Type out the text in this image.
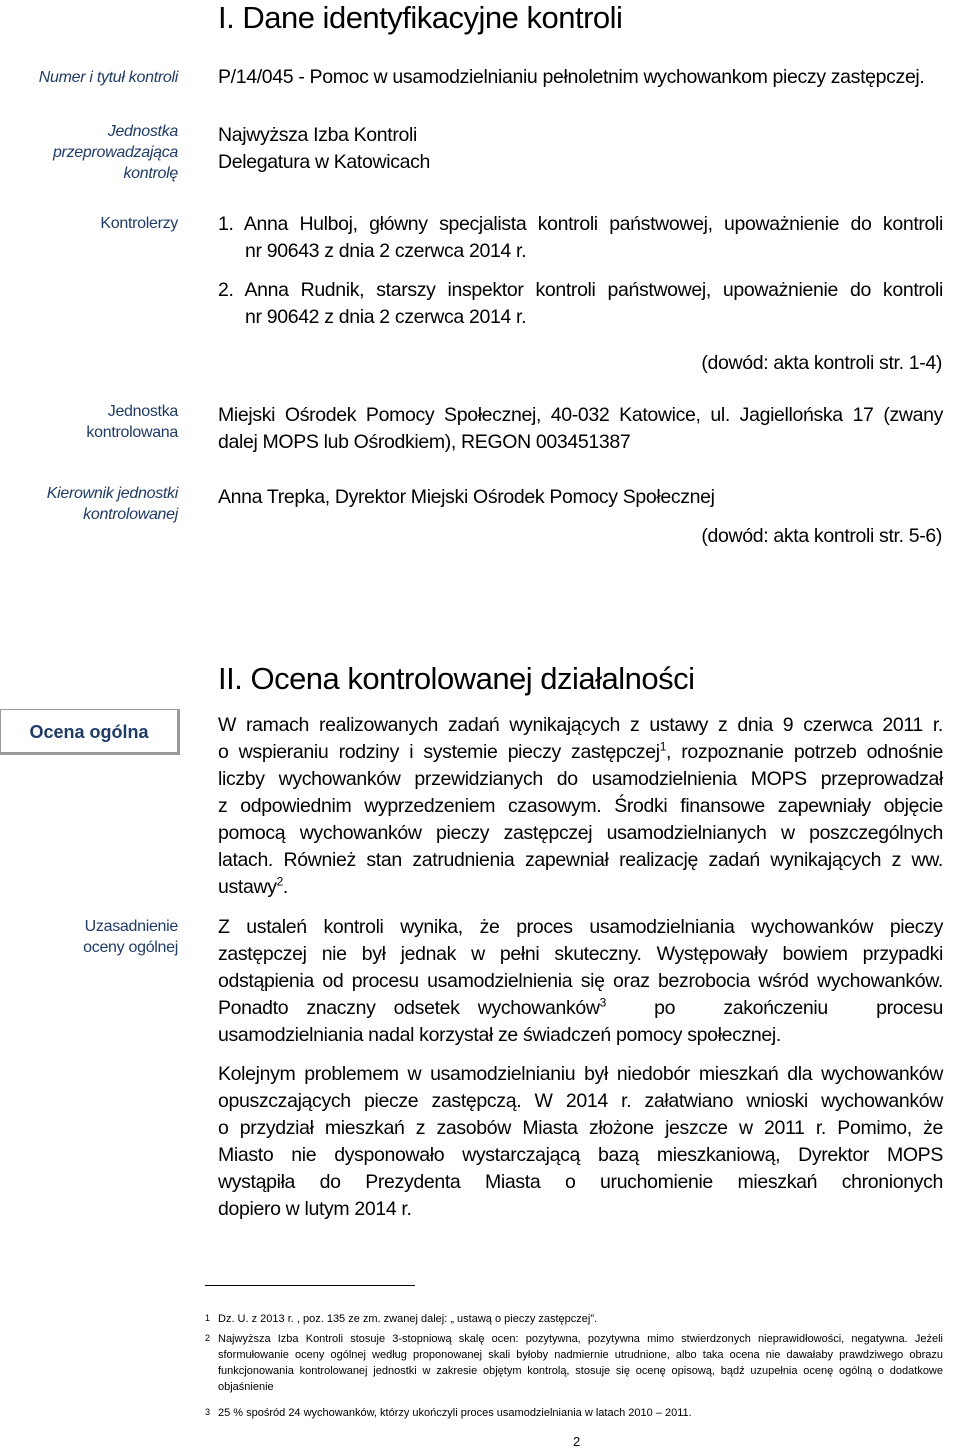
I. Dane identyfikacyjne kontroli
Numer i tytuł kontroli P/14/045 - Pomoc w usamodzielnianiu pełnoletnim wychowankom pieczy zastępczej.
Jednostka
przeprowadzająca
kontrolę
Najwyższa Izba Kontroli
Delegatura w Katowicach
Kontrolerzy 1. Anna Hulboj, główny specjalista kontroli państwowej, upoważnienie do kontroli
nr 90643 z dnia 2 czerwca 2014 r.
2. Anna Rudnik, starszy inspektor kontroli państwowej, upoważnienie do kontroli
nr 90642 z dnia 2 czerwca 2014 r.
(dowód: akta kontroli str. 1-4)
Jednostka
kontrolowana
Miejski Ośrodek Pomocy Społecznej, 40-032 Katowice, ul. Jagiellońska 17 (zwany
dalej MOPS lub Ośrodkiem), REGON 003451387
Kierownik jednostki
kontrolowanej
Anna Trepka, Dyrektor Miejski Ośrodek Pomocy Społecznej
(dowód: akta kontroli str. 5-6)
II. Ocena kontrolowanej działalności
Ocena ogólna
Uzasadnienie
oceny ogólnej
W ramach realizowanych zadań wynikających z ustawy z dnia 9 czerwca 2011 r.
o wspieraniu rodziny i systemie pieczy zastępczej$^1$, rozpoznanie potrzeb odnośnie
liczby wychowanków przewidzianych do usamodzielnienia MOPS przeprowadzał
z odpowiednim wyprzedzeniem czasowym. Środki finansowe zapewniały objęcie
pomocą wychowanków pieczy zastępczej usamodzielnianych w poszczególnych
latach. Również stan zatrudnienia zapewniał realizację zadań wynikających z ww.
ustawy$^2$.
Z ustaleń kontroli wynika, że proces usamodzielniania wychowanków pieczy
zastępczej nie był jednak w pełni skuteczny. Występowały bowiem przypadki
odstąpienia od procesu usamodzielnienia się oraz bezrobocia wśród wychowanków.
Ponadto znaczny odsetek wychowanków$^3$ po zakończeniu procesu
usamodzielniania nadal korzystał ze świadczeń pomocy społecznej.
Kolejnym problemem w usamodzielnianiu był niedobór mieszkań dla wychowanków
opuszczających piecze zastępczą. W 2014 r. załatwiano wnioski wychowanków
o przydział mieszkań z zasobów Miasta złożone jeszcze w 2011 r. Pomimo, że
Miasto nie dysponowało wystarczającą bazą mieszkaniową, Dyrektor MOPS
wystąpiła do Prezydenta Miasta o uruchomienie mieszkań chronionych
dopiero w lutym 2014 r.
1 Dz. U. z 2013 r. , poz. 135 ze zm. zwanej dalej: „ ustawą o pieczy zastępczej”.
2 Najwyższa Izba Kontroli stosuje 3-stopniową skalę ocen: pozytywna, pozytywna mimo stwierdzonych nieprawidłowości, negatywna. Jeżeli sformułowanie oceny ogólnej według proponowanej skali byłoby nadmiernie utrudnione, albo taka ocena nie dawałaby prawdziwego obrazu funkcjonowania kontrolowanej jednostki w zakresie objętym kontrolą, stosuje się ocenę opisową, bądź uzupełnia ocenę ogólną o dodatkowe objaśnienie
3 25 % spośród 24 wychowanków, którzy ukończyli proces usamodzielniania w latach 2010 – 2011.
2
